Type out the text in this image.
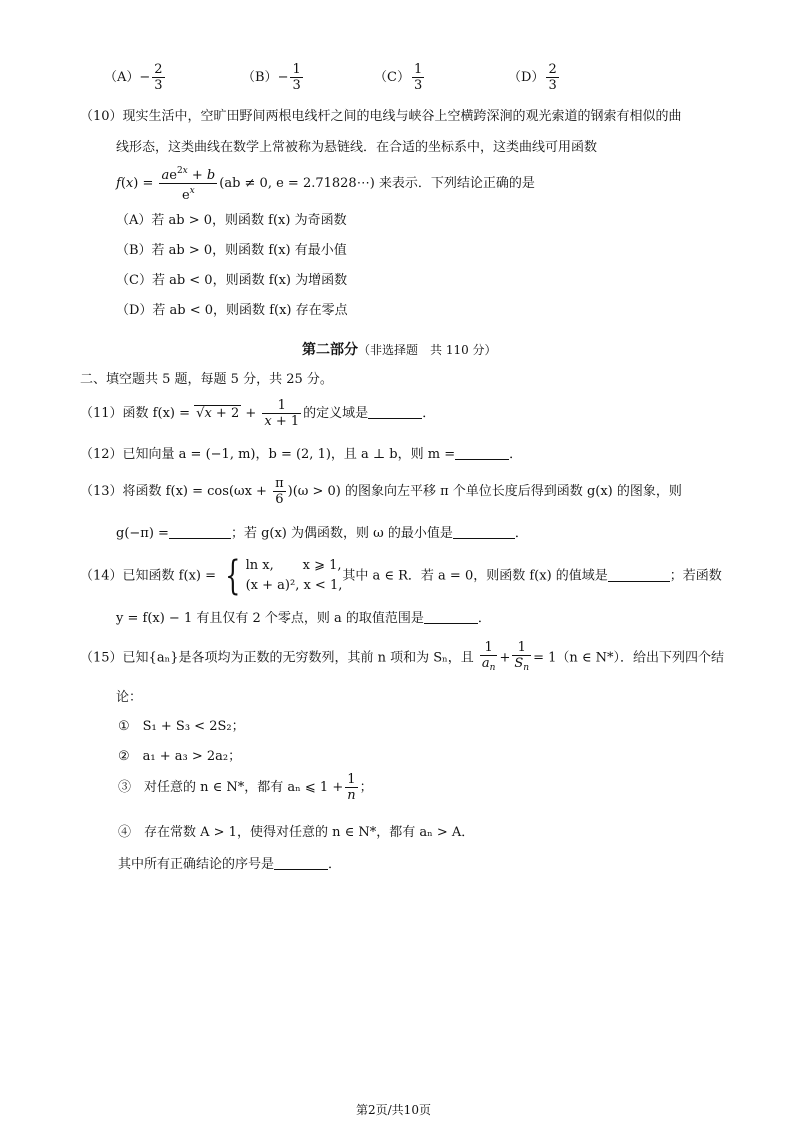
$(A)- \frac{2}{3}$	$(B)- \frac{1}{3}$	$(C) \frac{1}{3}$	$(D) \frac{2}{3}$
（10）现实生活中，空旷田野间两根电线杆之间的电线与峡谷上空横跨深涧的观光索道的钢索有相似的曲
线形态，这类曲线在数学上常被称为悬链线．在合适的坐标系中，这类曲线可用函数
$f(x) = \frac{ae^{2x} + b}{e^x} (ab \ne 0$, e = 2.71828⋯) 来表示．下列结论正确的是
（A）若 ab > 0，则函数 f(x) 为奇函数
（B）若 ab > 0，则函数 f(x) 有最小值
（C）若 ab < 0，则函数 f(x) 为增函数
（D）若 ab < 0，则函数 f(x) 存在零点
第二部分（非选择题　共 110 分）
二、填空题共 5 题，每题 5 分，共 25 分。
（11）函数 $f(x) = √x + 2 + \frac{1}{x + 1}$ 的定义域是	．
（12）已知向量 a = (−1, m)，b = (2, 1)，且 a ⊥ b，则 m =	．
（13）将函数 $f(x) = \cos(\omega x + \frac{\pi}{6} )(\omega > 0)$ 的图象向左平移 π 个单位长度后得到函数 g(x) 的图象，则
g(−π) =	；若 g(x) 为偶函数，则 ω 的最小值是	．
（14）已知函数 f(x) = { ln x, x ⩾ 1,
(x + a)², x < 1,
其中 a ∈ R．若 a = 0，则函数 f(x) 的值域是	；若函数
y = f(x) − 1 有且仅有 2 个零点，则 a 的取值范围是	．
（15）已知{aₙ}是各项均为正数的无穷数列，其前 n 项和为 Sₙ，且 $\frac{1}{a_n} + \frac{1}{S_n} = 1(n$ ∈ N*）．给出下列四个结
论：
①　S₁ + S₃ < 2S₂；
②　a₁ + a₃ > 2a₂；
③　对任意的 n ∈ N*，都有 aₙ ⩽ $1 + \frac{1}{n}$ ；
④　存在常数 A > 1，使得对任意的 n ∈ N*，都有 aₙ > A．
其中所有正确结论的序号是	．
第2页/共10页
